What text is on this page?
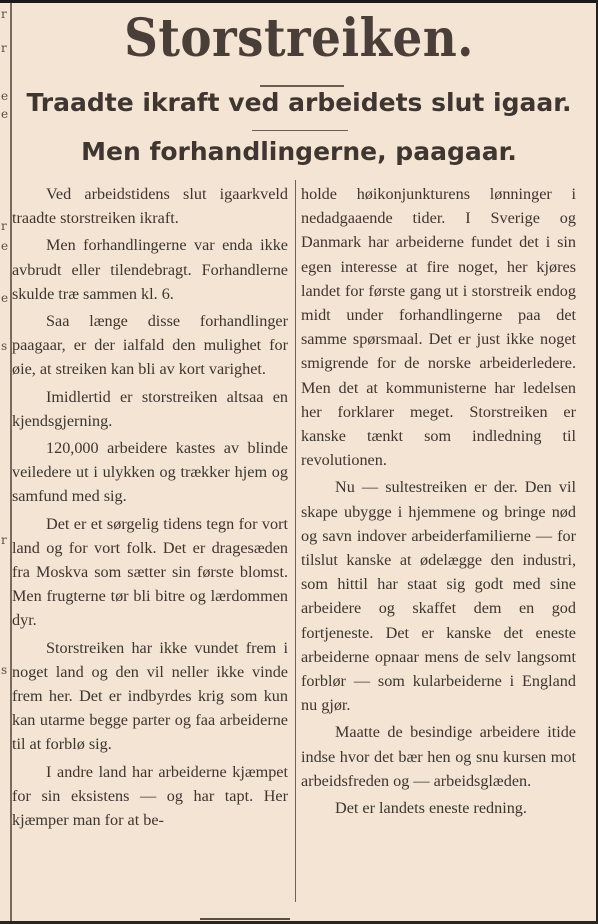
r
r
e
e
r
e
e
s
r
s
Storstreiken.
Traadte ikraft ved arbeidets slut igaar.
Men forhandlingerne, paagaar.

Ved arbeidstidens slut igaarkveld traadte storstreiken ikraft.

Men forhandlingerne var enda ikke avbrudt eller tilendebragt. Forhandlerne skulde træ sammen kl. 6.

Saa længe disse forhandlinger paagaar, er der ialfald den mulighet for øie, at streiken kan bli av kort varighet.

Imidlertid er storstreiken altsaa en kjendsgjerning.

120,000 arbeidere kastes av blinde veiledere ut i ulykken og trækker hjem og samfund med sig.

Det er et sørgelig tidens tegn for vort land og for vort folk. Det er dragesæden fra Moskva som sætter sin første blomst. Men frugterne tør bli bitre og lærdommen dyr.

Storstreiken har ikke vundet frem i noget land og den vil neller ikke vinde frem her. Det er indbyrdes krig som kun kan utarme begge parter og faa arbeiderne til at forblø sig.

I andre land har arbeiderne kjæmpet for sin eksistens — og har tapt. Her kjæmper man for at be-

holde høikonjunkturens lønninger i nedadgaaende tider. I Sverige og Danmark har arbeiderne fundet det i sin egen interesse at fire noget, her kjøres landet for første gang ut i storstreik endog midt under forhandlingerne paa det samme spørsmaal. Det er just ikke noget smigrende for de norske arbeiderledere. Men det at kommunisterne har ledelsen her forklarer meget. Storstreiken er kanske tænkt som indledning til revolutionen.

Nu — sultestreiken er der. Den vil skape ubygge i hjemmene og bringe nød og savn indover arbeiderfamilierne — for tilslut kanske at ødelægge den industri, som hittil har staat sig godt med sine arbeidere og skaffet dem en god fortjeneste. Det er kanske det eneste arbeiderne opnaar mens de selv langsomt forblør — som kularbeiderne i England nu gjør.

Maatte de besindige arbeidere itide indse hvor det bær hen og snu kursen mot arbeidsfreden og — arbeidsglæden.

Det er landets eneste redning.
